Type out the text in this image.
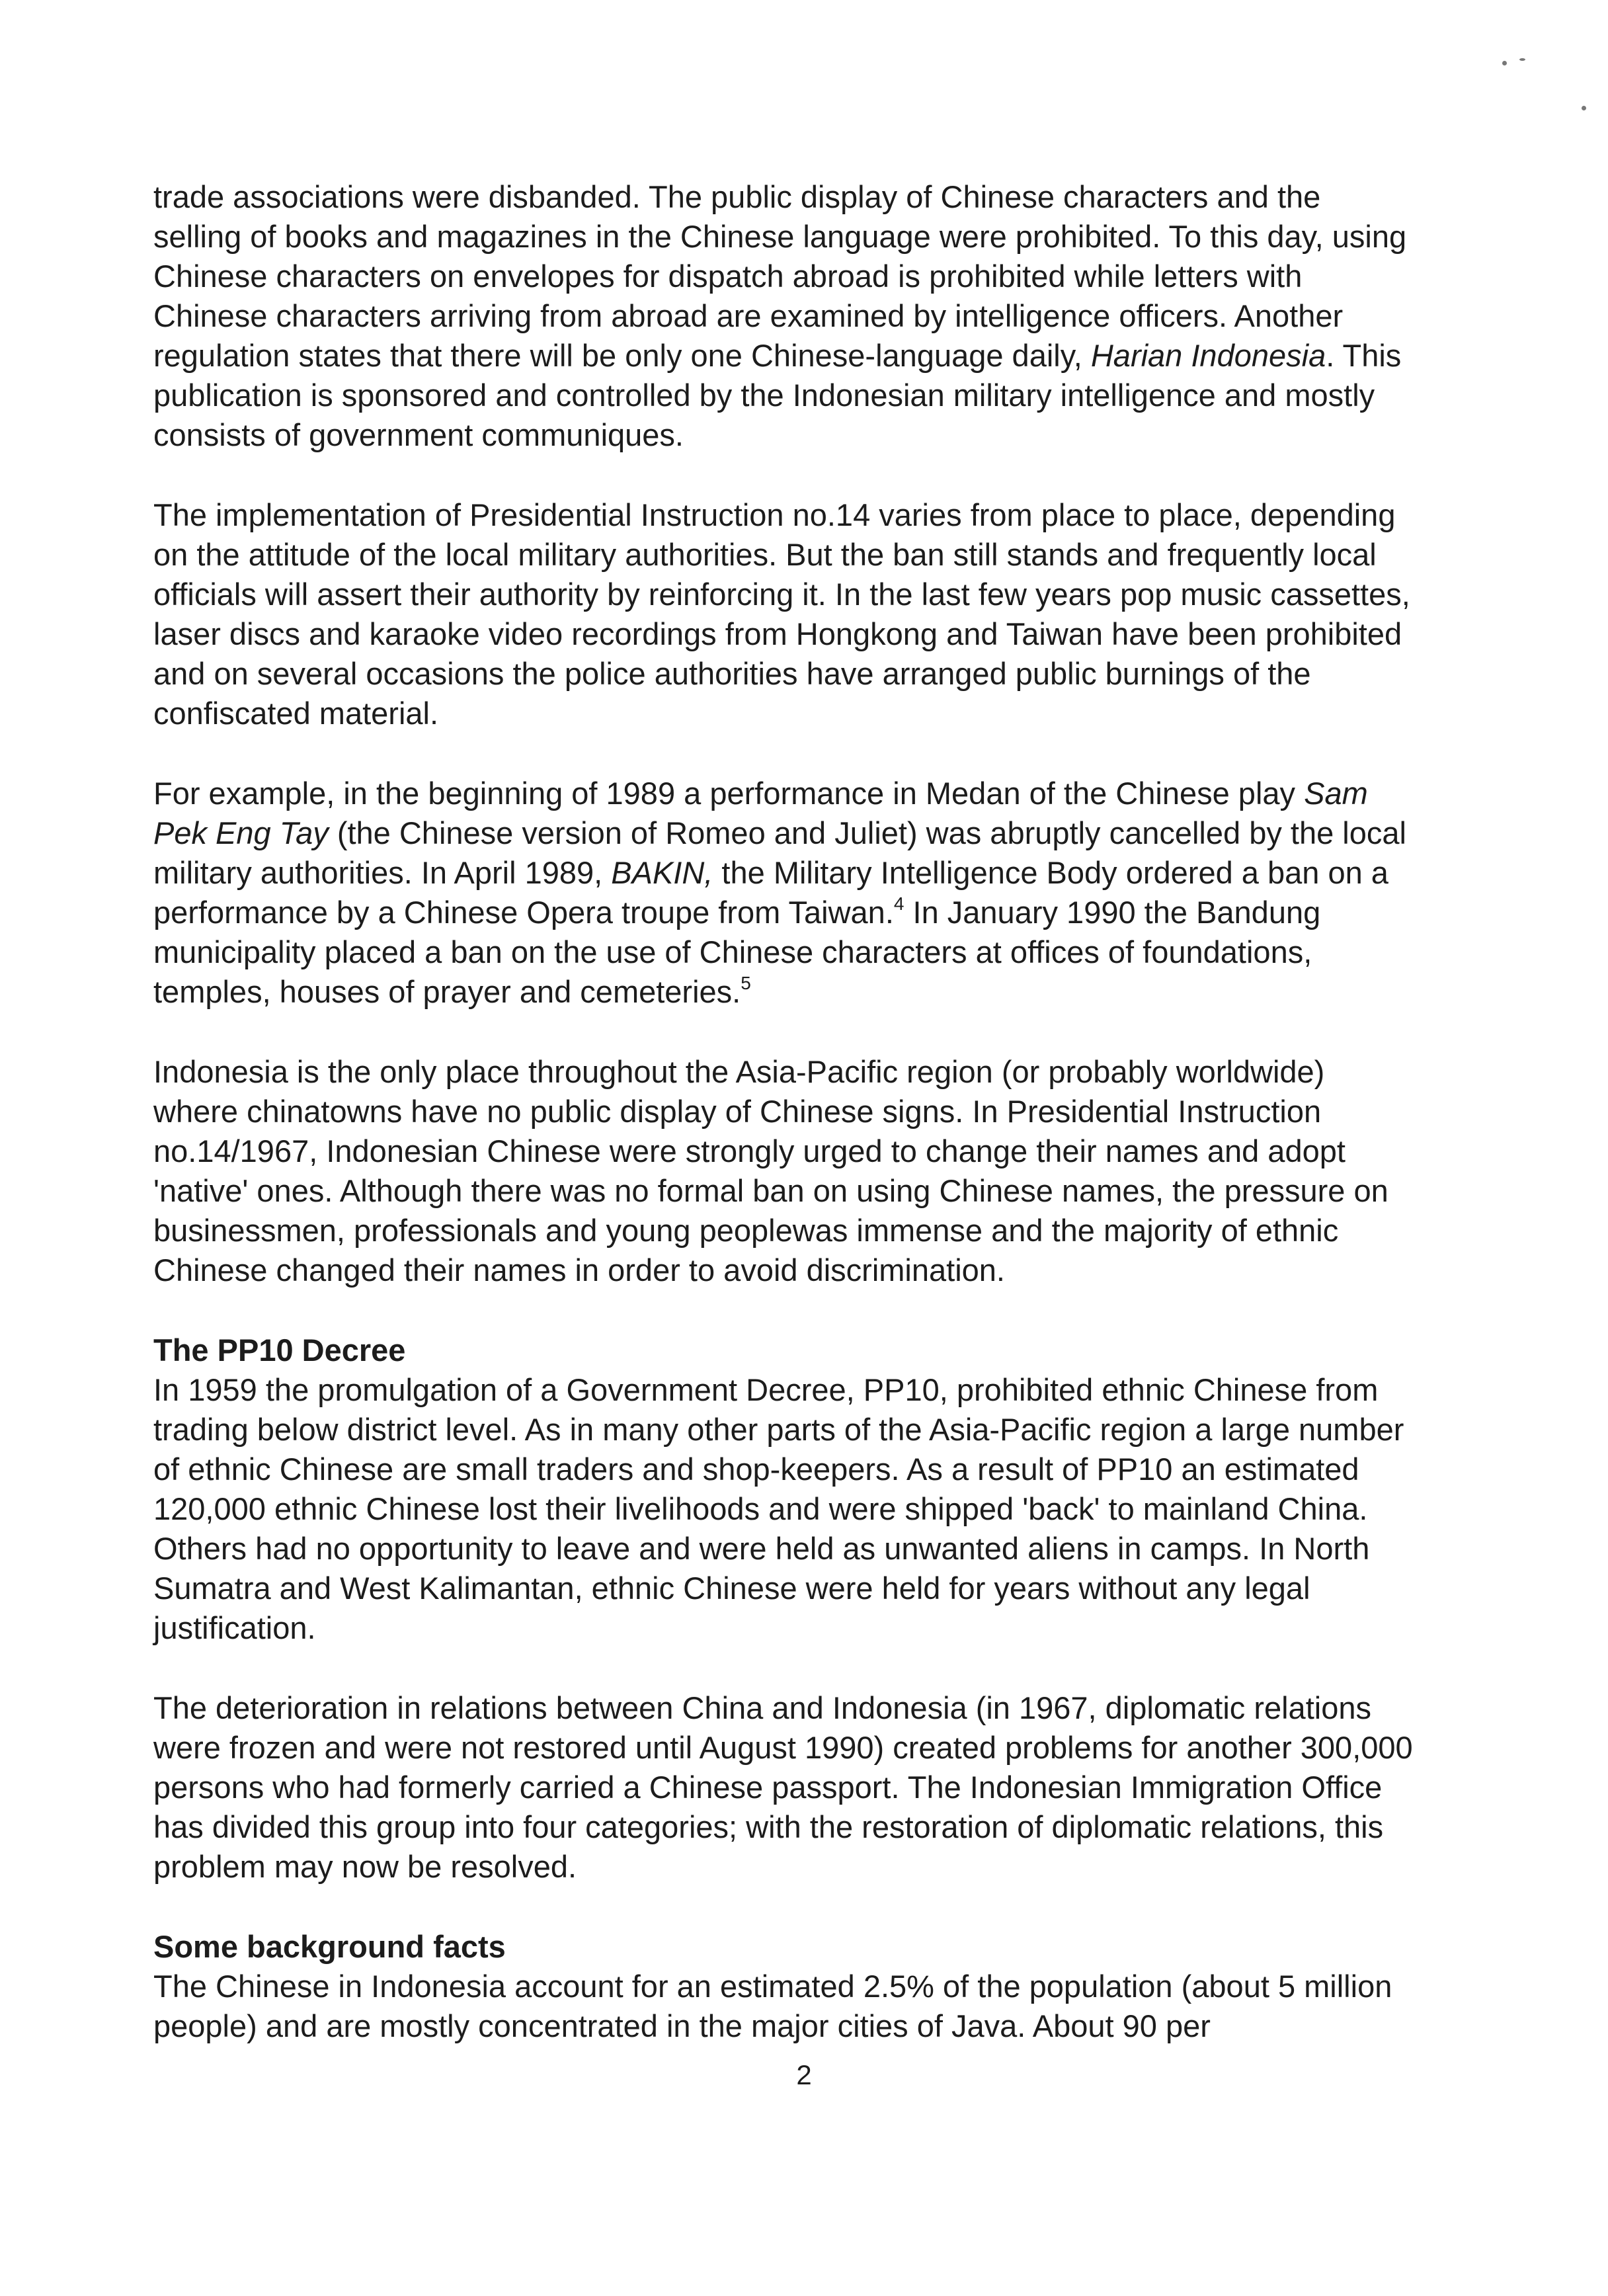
trade associations were disbanded. The public display of Chinese characters and the selling of books and magazines in the Chinese language were prohibited. To this day, using Chinese characters on envelopes for dispatch abroad is prohibited while letters with Chinese characters arriving from abroad are examined by intelligence officers. Another regulation states that there will be only one Chinese-language daily, Harian Indonesia. This publication is sponsored and controlled by the Indonesian military intelligence and mostly consists of government communiques.

The implementation of Presidential Instruction no.14 varies from place to place, depending on the attitude of the local military authorities. But the ban still stands and frequently local officials will assert their authority by reinforcing it. In the last few years pop music cassettes, laser discs and karaoke video recordings from Hongkong and Taiwan have been prohibited and on several occasions the police authorities have arranged public burnings of the confiscated material.

For example, in the beginning of 1989 a performance in Medan of the Chinese play Sam Pek Eng Tay (the Chinese version of Romeo and Juliet) was abruptly cancelled by the local military authorities. In April 1989, BAKIN, the Military Intelligence Body ordered a ban on a performance by a Chinese Opera troupe from Taiwan.$^4$ In January 1990 the Bandung municipality placed a ban on the use of Chinese characters at offices of foundations, temples, houses of prayer and cemeteries.$^5$

Indonesia is the only place throughout the Asia-Pacific region (or probably worldwide) where chinatowns have no public display of Chinese signs. In Presidential Instruction no.14/1967, Indonesian Chinese were strongly urged to change their names and adopt 'native' ones. Although there was no formal ban on using Chinese names, the pressure on businessmen, professionals and young peoplewas immense and the majority of ethnic Chinese changed their names in order to avoid discrimination.

The PP10 Decree

In 1959 the promulgation of a Government Decree, PP10, prohibited ethnic Chinese from trading below district level. As in many other parts of the Asia-Pacific region a large number of ethnic Chinese are small traders and shop-keepers. As a result of PP10 an estimated 120,000 ethnic Chinese lost their livelihoods and were shipped 'back' to mainland China. Others had no opportunity to leave and were held as unwanted aliens in camps. In North Sumatra and West Kalimantan, ethnic Chinese were held for years without any legal justification.

The deterioration in relations between China and Indonesia (in 1967, diplomatic relations were frozen and were not restored until August 1990) created problems for another 300,000 persons who had formerly carried a Chinese passport. The Indonesian Immigration Office has divided this group into four categories; with the restoration of diplomatic relations, this problem may now be resolved.

Some background facts

The Chinese in Indonesia account for an estimated 2.5% of the population (about 5 million people) and are mostly concentrated in the major cities of Java. About 90 per

2
